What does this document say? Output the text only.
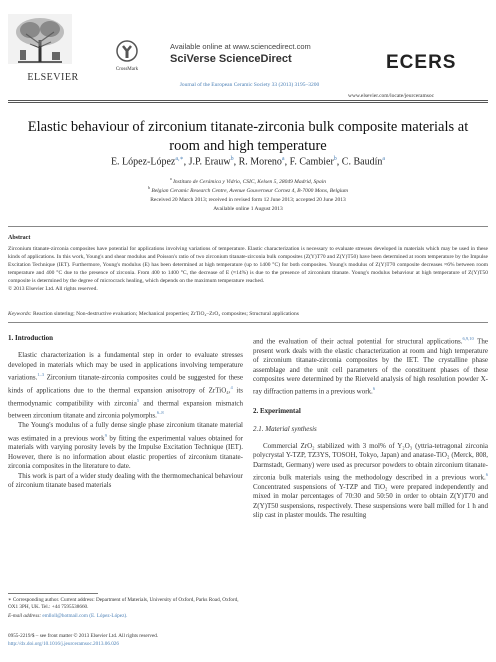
ELSEVIER
CrossMark
Available online at www.sciencedirect.com
SciVerse ScienceDirect
Journal of the European Ceramic Society 33 (2013) 3195–3200
ECERS
www.elsevier.com/locate/jeurceramsoc
Elastic behaviour of zirconium titanate-zirconia bulk composite materials at
room and high temperature
E. López-López$^{a,∗}$, J.P. Erauw$^b$, R. Moreno$^a$, F. Cambier$^b$, C. Baudín$^a$
$^a$ Instituto de Cerámica y Vidrio, CSIC, Kelsen 5, 28049 Madrid, Spain
$^b$ Belgian Ceramic Research Centre, Avenue Gouverneur Cornez 4, B-7000 Mons, Belgium
Received 20 March 2013; received in revised form 12 June 2013; accepted 20 June 2013
Available online 1 August 2013
Abstract
Zirconium titanate-zirconia composites have potential for applications involving variations of temperature. Elastic characterization is necessary to evaluate stresses developed in materials which may be used in these kinds of applications. In this work, Young's and shear modulus and Poisson's ratio of two zirconium titanate-zirconia bulk composites (Z(Y)T70 and Z(Y)T50) have been determined at room temperature by the Impulse Excitation Technique (IET). Furthermore, Young's modulus (E) has been determined at high temperature (up to 1400 °C) for both composites. Young's modulus of Z(Y)T70 composite decreases ≈6% between room temperature and 400 °C due to the presence of zirconia. From 400 to 1400 °C, the decrease of E (≈14%) is due to the presence of zirconium titanate. Young's modulus behaviour at high temperature of Z(Y)T50 composite is determined by the degree of microcrack healing, which depends on the maximum temperature reached.
© 2013 Elsevier Ltd. All rights reserved.
Keywords: Reaction sintering; Non-destructive evaluation; Mechanical properties; ZrTiO₄–ZrO₂ composites; Structural applications
1. Introduction

Elastic characterization is a fundamental step in order to evaluate stresses developed in materials which may be used in applications involving temperature variations.$^{1-3}$ Zirconium titanate-zirconia composites could be suggested for these kinds of applications due to the thermal expansion anisotropy of ZrTiO₄,$^4$ its thermodynamic compatibility with zirconia$^5$ and thermal expansion mismatch between zirconium titanate and zirconia polymorphs.$^{6-8}$

The Young's modulus of a fully dense single phase zirconium titanate material was estimated in a previous work$^9$ by fitting the experimental values obtained for materials with varying porosity levels by the Impulse Excitation Technique (IET). However, there is no information about elastic properties of zirconium titanate-zirconia composites in the literature to date.

This work is part of a wider study dealing with the thermomechanical behaviour of zirconium titanate based materials

and the evaluation of their actual potential for structural applications.$^{6,9,10}$ The present work deals with the elastic characterization at room and high temperature of zirconium titanate-zirconia composites by the IET. The crystalline phase assemblage and the unit cell parameters of the constituent phases of these composites were determined by the Rietveld analysis of high resolution powder X-ray diffraction patterns in a previous work.$^6$

2. Experimental
2.1. Material synthesis

Commercial ZrO₂ stabilized with 3 mol% of Y₂O₃ (yttria-tetragonal zirconia polycrystal Y-TZP, TZ3YS, TOSOH, Tokyo, Japan) and anatase-TiO₂ (Merck, 808, Darmstadt, Germany) were used as precursor powders to obtain zirconium titanate-zirconia bulk materials using the methodology described in a previous work.$^6$ Concentrated suspensions of Y-TZP and TiO₂ were prepared independently and mixed in molar percentages of 70:30 and 50:50 in order to obtain Z(Y)T70 and Z(Y)T50 suspensions, respectively. These suspensions were ball milled for 1 h and slip cast in plaster moulds. The resulting

∗ Corresponding author. Current address: Department of Materials, University of Oxford, Parks Road, Oxford, OX1 3PH, UK. Tel.: +44 7595538660.
E-mail address: emlloll@hotmail.com (E. López-López).
0955-2219/$ – see front matter © 2013 Elsevier Ltd. All rights reserved.
http://dx.doi.org/10.1016/j.jeurceramsoc.2013.06.026
